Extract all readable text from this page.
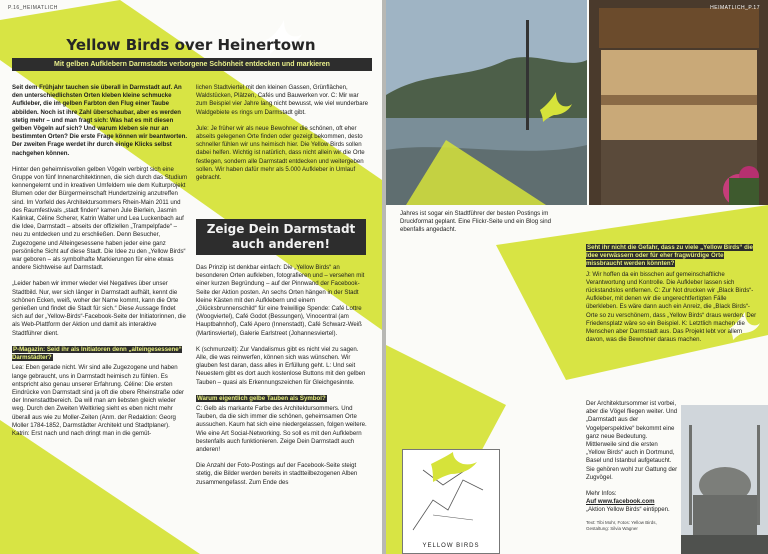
P.16_HEIMATLICH
Yellow Birds over Heinertown
Mit gelben Aufklebern Darmstadts verborgene Schönheit entdecken und markieren

Seit dem Frühjahr tauchen sie überall in Darmstadt auf. An den unterschiedlichsten Orten kleben kleine schmucke Aufkleber, die im gelben Farbton den Flug einer Taube abbilden. Noch ist ihre Zahl überschaubar, aber es werden stetig mehr – und man fragt sich: Was hat es mit diesen gelben Vögeln auf sich? Und warum kleben sie nur an bestimmten Orten? Die erste Frage können wir beantworten. Der zweiten Frage werdet ihr durch einige Klicks selbst nachgehen können.

Hinter den geheimnisvollen gelben Vögeln verbirgt sich eine Gruppe von fünf Innenarchitektinnen, die sich durch das Studium kennengelernt und in kreativen Umfeldern wie dem Kulturprojekt Blumen oder der Bürgermeinschaft Hundertzeinig anzutreffen sind. Im Vorfeld des Architektursommers Rhein-Main 2011 und des Raumfestivals „stadt finden“ kamen Jule Bierlein, Jasmin Kalinkat, Céline Scherer, Katrin Walter und Lea Luckenbach auf die Idee, Darmstadt – abseits der offiziellen „Trampelpfade“ – neu zu entdecken und zu erschließen. Denn Besucher, Zugezogene und Alteingesessene haben jeder eine ganz persönliche Sicht auf diese Stadt. Die Idee zu den „Yellow Birds“ war geboren – als symbolhafte Markierungen für eine etwas andere Sichtweise auf Darmstadt.

„Leider haben wir immer wieder viel Negatives über unser Stadtbild. Nur, wer sich länger in Darmstadt aufhält, kennt die schönen Ecken, weiß, woher der Name kommt, kann die Orte genießen und findet die Stadt für sich.“ Diese Aussage findet sich auf der „Yellow-Birds“-Facebook-Seite der Initiatorinnen, die als Web-Plattform der Aktion und damit als interaktive Stadtführer dient.

P-Magazin: Seid ihr als Initiatoren denn „alteingesessene“ Darmstädter?

Lea: Eben gerade nicht. Wir sind alle Zugezogene und haben lange gebraucht, uns in Darmstadt heimisch zu fühlen. Es entspricht also genau unserer Erfahrung. Céline: Die ersten Eindrücke von Darmstadt sind ja oft die obere Rheinstraße oder der Innenstadtbereich. Da will man am liebsten gleich wieder weg. Durch den Zweiten Weltkrieg sieht es eben nicht mehr überall aus wie zu Moller-Zeiten (Anm. der Redaktion: Georg Moller 1784-1852, Darmstädter Architekt und Stadtplaner). Katrin: Erst nach und nach dringt man in die gemüt-

lichen Stadtviertel mit den kleinen Gassen, Grünflächen, Waldstücken, Plätzen, Cafés und Bauwerken vor. C: Mir war zum Beispiel vier Jahre lang nicht bewusst, wie viel wunderbare Waldgebiete es rings um Darmstadt gibt.

Jule: Je früher wir als neue Bewohner die schönen, oft eher abseits gelegenen Orte finden oder gezeigt bekommen, desto schneller fühlen wir uns heimisch hier. Die Yellow Birds sollen dabei helfen. Wichtig ist natürlich, dass nicht allein wir die Orte festlegen, sondern alle Darmstadt entdecken und weitergeben sollen. Wir haben dafür mehr als 5.000 Aufkleber in Umlauf gebracht.

Zeige Dein Darmstadt auch anderen!

Das Prinzip ist denkbar einfach: Die „Yellow Birds“ an besonderen Orten aufkleben, fotografieren und – versehen mit einer kurzen Begründung – auf der Pinnwand der Facebook-Seite der Aktion posten. An sechs Orten hängen in der Stadt kleine Kästen mit den Aufklebern und einem „Glücksbrunnenschild“ für eine freiwillige Spende: Café Lottre (Woogviertel), Café Godot (Bessungen), Vinocentral (am Hauptbahnhof), Café Apero (Innenstadt), Café Schwarz-Weiß (Martinsviertel), Galerie Earlstreet (Johannesviertel).

K (schmunzelt): Zur Vandalismus gibt es nicht viel zu sagen. Alle, die was reinwerfen, können sich was wünschen. Wir glauben fest daran, dass alles in Erfüllung geht. L: Und seit Neuestem gibt es dort auch kostenlose Buttons mit den gelben Tauben – quasi als Erkennungszeichen für Gleichgesinnte.

Warum eigentlich gelbe Tauben als Symbol?

C: Gelb als markante Farbe des Architektursommers. Und Tauben, da die sich immer die schönen, geheimsamen Orte aussuchen. Kaum hat sich eine niedergelassen, folgen weitere. Wie eine Art Social-Networking. So soll es mit den Aufklebern bestenfalls auch funktionieren. Zeige Dein Darmstadt auch anderen!

Die Anzahl der Foto-Postings auf der Facebook-Seite steigt stetig, die Bilder werden bereits in stadtteilbezogenen Alben zusammengefasst. Zum Ende des

Jahres ist sogar ein Stadtführer der besten Postings im Druckformat geplant. Eine Flickr-Seite und ein Blog sind ebenfalls angedacht.

Seht ihr nicht die Gefahr, dass zu viele „Yellow Birds“ die Idee verwässern oder für eher fragwürdige Orte missbraucht werden könnten?

J: Wir hoffen da ein bisschen auf gemeinschaftliche Verantwortung und Kontrolle. Die Aufkleber lassen sich rückstandslos entfernen. C: Zur Not drucken wir „Black Birds“-Aufkleber, mit denen wir die ungerechtfertigten Fälle überkleben. Es wäre dann auch ein Anreiz, die „Black Birds“-Orte so zu verschönern, dass „Yellow Birds“ draus werden. Der Friedensplatz wäre so ein Beispiel. K: Letztlich machen die Menschen aber Darmstadt aus. Das Projekt lebt vor allem davon, was die Bewohner daraus machen.

Der Architektursommer ist vorbei, aber die Vögel fliegen weiter. Und „Darmstadt aus der Vogelperspektive“ bekommt eine ganz neue Bedeutung. Mittlerweile sind die ersten „Yellow Birds“ auch in Dortmund, Basel und Istanbul aufgetaucht. Sie gehören wohl zur Gattung der Zugvögel.

Mehr Infos:

Auf www.facebook.com

„Aktion Yellow Birds“ eintippen.

Text: Tibi Mohr, Fotos: Yellow Birds, Gestaltung: Silvia Wagner
YELLOW BIRDS
HEIMATLICH_P.17
